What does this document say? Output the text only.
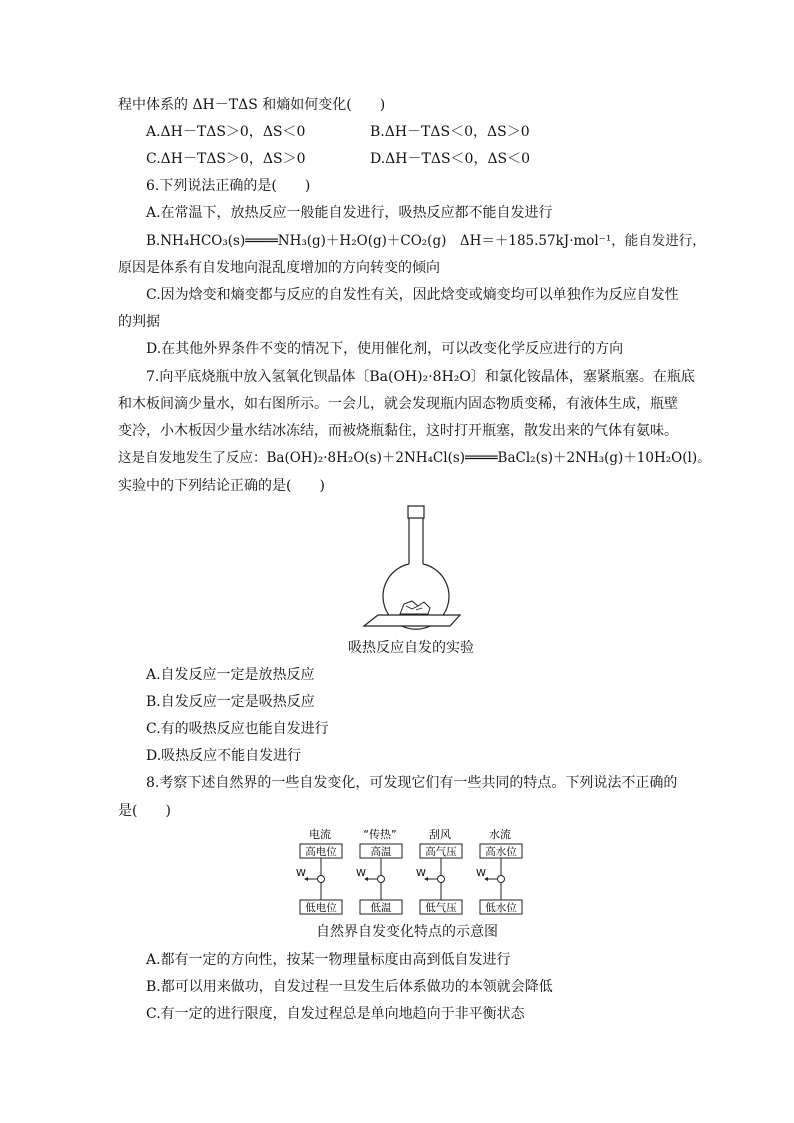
程中体系的 ΔH－TΔS 和熵如何变化(　　)
A.ΔH－TΔS＞0，ΔS＜0	B.ΔH－TΔS＜0，ΔS＞0
C.ΔH－TΔS＞0，ΔS＞0	D.ΔH－TΔS＜0，ΔS＜0
6.下列说法正确的是(　　)
A.在常温下，放热反应一般能自发进行，吸热反应都不能自发进行
B.NH₄HCO₃(s)════NH₃(g)＋H₂O(g)＋CO₂(g)　ΔH＝＋185.57kJ·mol⁻¹，能自发进行，
原因是体系有自发地向混乱度增加的方向转变的倾向
C.因为焓变和熵变都与反应的自发性有关，因此焓变或熵变均可以单独作为反应自发性
的判据
D.在其他外界条件不变的情况下，使用催化剂，可以改变化学反应进行的方向
7.向平底烧瓶中放入氢氧化钡晶体〔Ba(OH)₂·8H₂O〕和氯化铵晶体，塞紧瓶塞。在瓶底
和木板间滴少量水，如右图所示。一会儿，就会发现瓶内固态物质变稀，有液体生成，瓶壁
变冷，小木板因少量水结冰冻结，而被烧瓶黏住，这时打开瓶塞，散发出来的气体有氨味。
这是自发地发生了反应：Ba(OH)₂·8H₂O(s)＋2NH₄Cl(s)════BaCl₂(s)＋2NH₃(g)＋10H₂O(l)。
实验中的下列结论正确的是(　　)
吸热反应自发的实验
A.自发反应一定是放热反应
B.自发反应一定是吸热反应
C.有的吸热反应也能自发进行
D.吸热反应不能自发进行
8.考察下述自然界的一些自发变化，可发现它们有一些共同的特点。下列说法不正确的
是(　　)
电流
高电位
W
低电位
“传热”
高温
W
低温
刮风
高气压
W
低气压
水流
高水位
W
低水位
自然界自发变化特点的示意图
A.都有一定的方向性，按某一物理量标度由高到低自发进行
B.都可以用来做功，自发过程一旦发生后体系做功的本领就会降低
C.有一定的进行限度，自发过程总是单向地趋向于非平衡状态
